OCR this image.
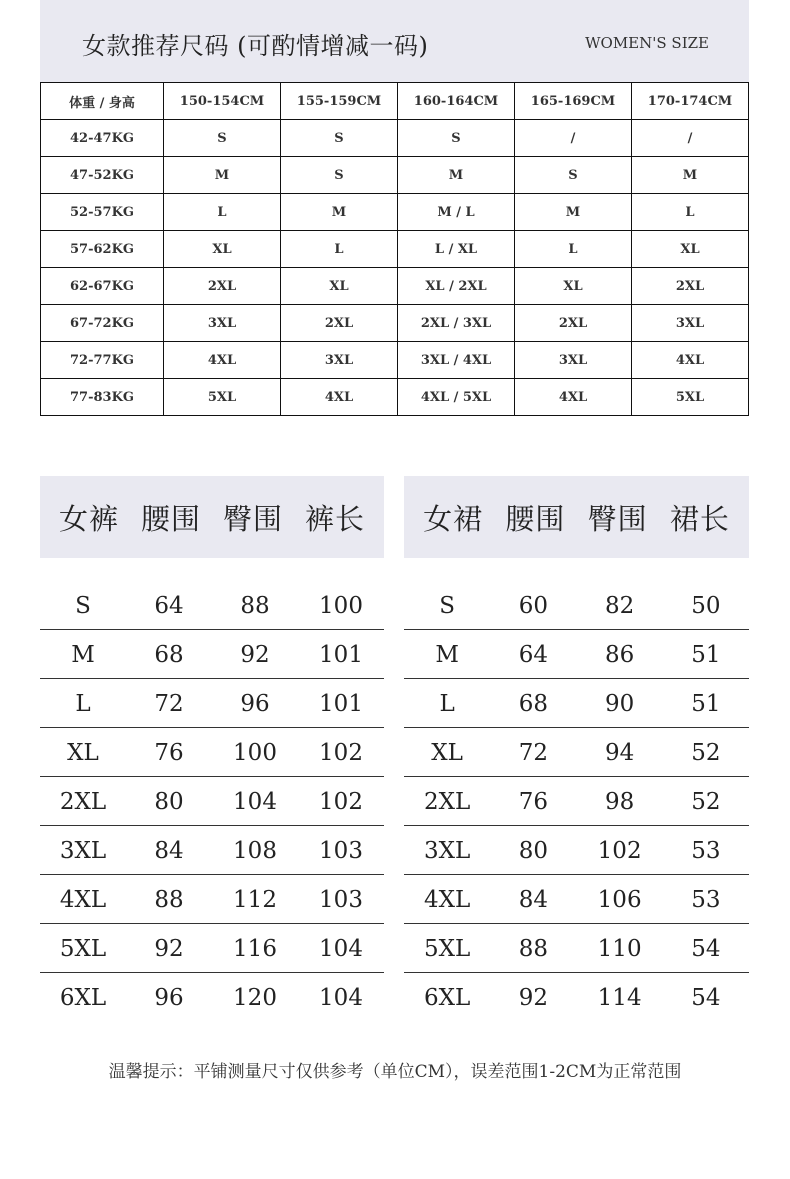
女款推荐尺码 (可酌情增减一码)	WOMEN'S SIZE
体重 / 身高	150-154CM	155-159CM	160-164CM	165-169CM	170-174CM
42-47KG	S	S	S	/	/
47-52KG	M	S	M	S	M
52-57KG	L	M	M / L	M	L
57-62KG	XL	L	L / XL	L	XL
62-67KG	2XL	XL	XL / 2XL	XL	2XL
67-72KG	3XL	2XL	2XL / 3XL	2XL	3XL
72-77KG	4XL	3XL	3XL / 4XL	3XL	4XL
77-83KG	5XL	4XL	4XL / 5XL	4XL	5XL
女裤 腰围 臀围 裤长 女裙 腰围 臀围 裙长
S	64	88	100
M	68	92	101
L	72	96	101
XL	76	100	102
2XL	80	104	102
3XL	84	108	103
4XL	88	112	103
5XL	92	116	104
6XL	96	120	104
S	60	82	50
M	64	86	51
L	68	90	51
XL	72	94	52
2XL	76	98	52
3XL	80	102	53
4XL	84	106	53
5XL	88	110	54
6XL	92	114	54
温馨提示：平铺测量尺寸仅供参考（单位CM），误差范围1-2CM为正常范围
